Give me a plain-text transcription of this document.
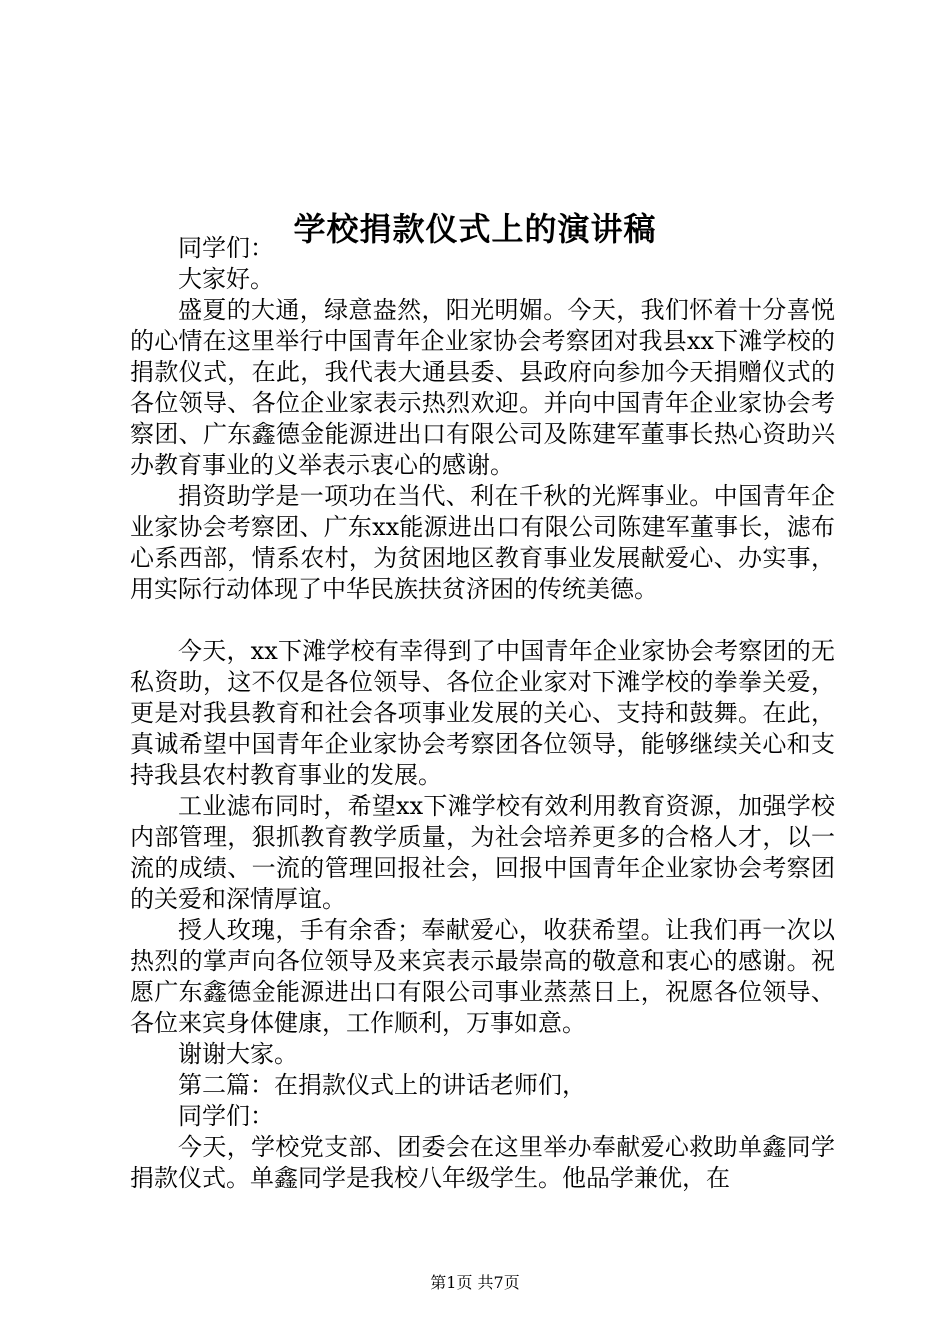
学校捐款仪式上的演讲稿

同学们：

大家好。

盛夏的大通，绿意盎然，阳光明媚。今天，我们怀着十分喜悦的心情在这里举行中国青年企业家协会考察团对我县xx下滩学校的捐款仪式，在此，我代表大通县委、县政府向参加今天捐赠仪式的各位领导、各位企业家表示热烈欢迎。并向中国青年企业家协会考察团、广东鑫德金能源进出口有限公司及陈建军董事长热心资助兴办教育事业的义举表示衷心的感谢。

捐资助学是一项功在当代、利在千秋的光辉事业。中国青年企业家协会考察团、广东xx能源进出口有限公司陈建军董事长，滤布心系西部，情系农村，为贫困地区教育事业发展献爱心、办实事，用实际行动体现了中华民族扶贫济困的传统美德。

今天，xx下滩学校有幸得到了中国青年企业家协会考察团的无私资助，这不仅是各位领导、各位企业家对下滩学校的拳拳关爱，更是对我县教育和社会各项事业发展的关心、支持和鼓舞。在此，真诚希望中国青年企业家协会考察团各位领导，能够继续关心和支持我县农村教育事业的发展。

工业滤布同时，希望xx下滩学校有效利用教育资源，加强学校内部管理，狠抓教育教学质量，为社会培养更多的合格人才，以一流的成绩、一流的管理回报社会，回报中国青年企业家协会考察团的关爱和深情厚谊。

授人玫瑰，手有余香；奉献爱心，收获希望。让我们再一次以热烈的掌声向各位领导及来宾表示最崇高的敬意和衷心的感谢。祝愿广东鑫德金能源进出口有限公司事业蒸蒸日上，祝愿各位领导、各位来宾身体健康，工作顺利，万事如意。

谢谢大家。

第二篇：在捐款仪式上的讲话老师们，

同学们：

今天，学校党支部、团委会在这里举办奉献爱心救助单鑫同学捐款仪式。单鑫同学是我校八年级学生。他品学兼优，在

第1页 共7页
